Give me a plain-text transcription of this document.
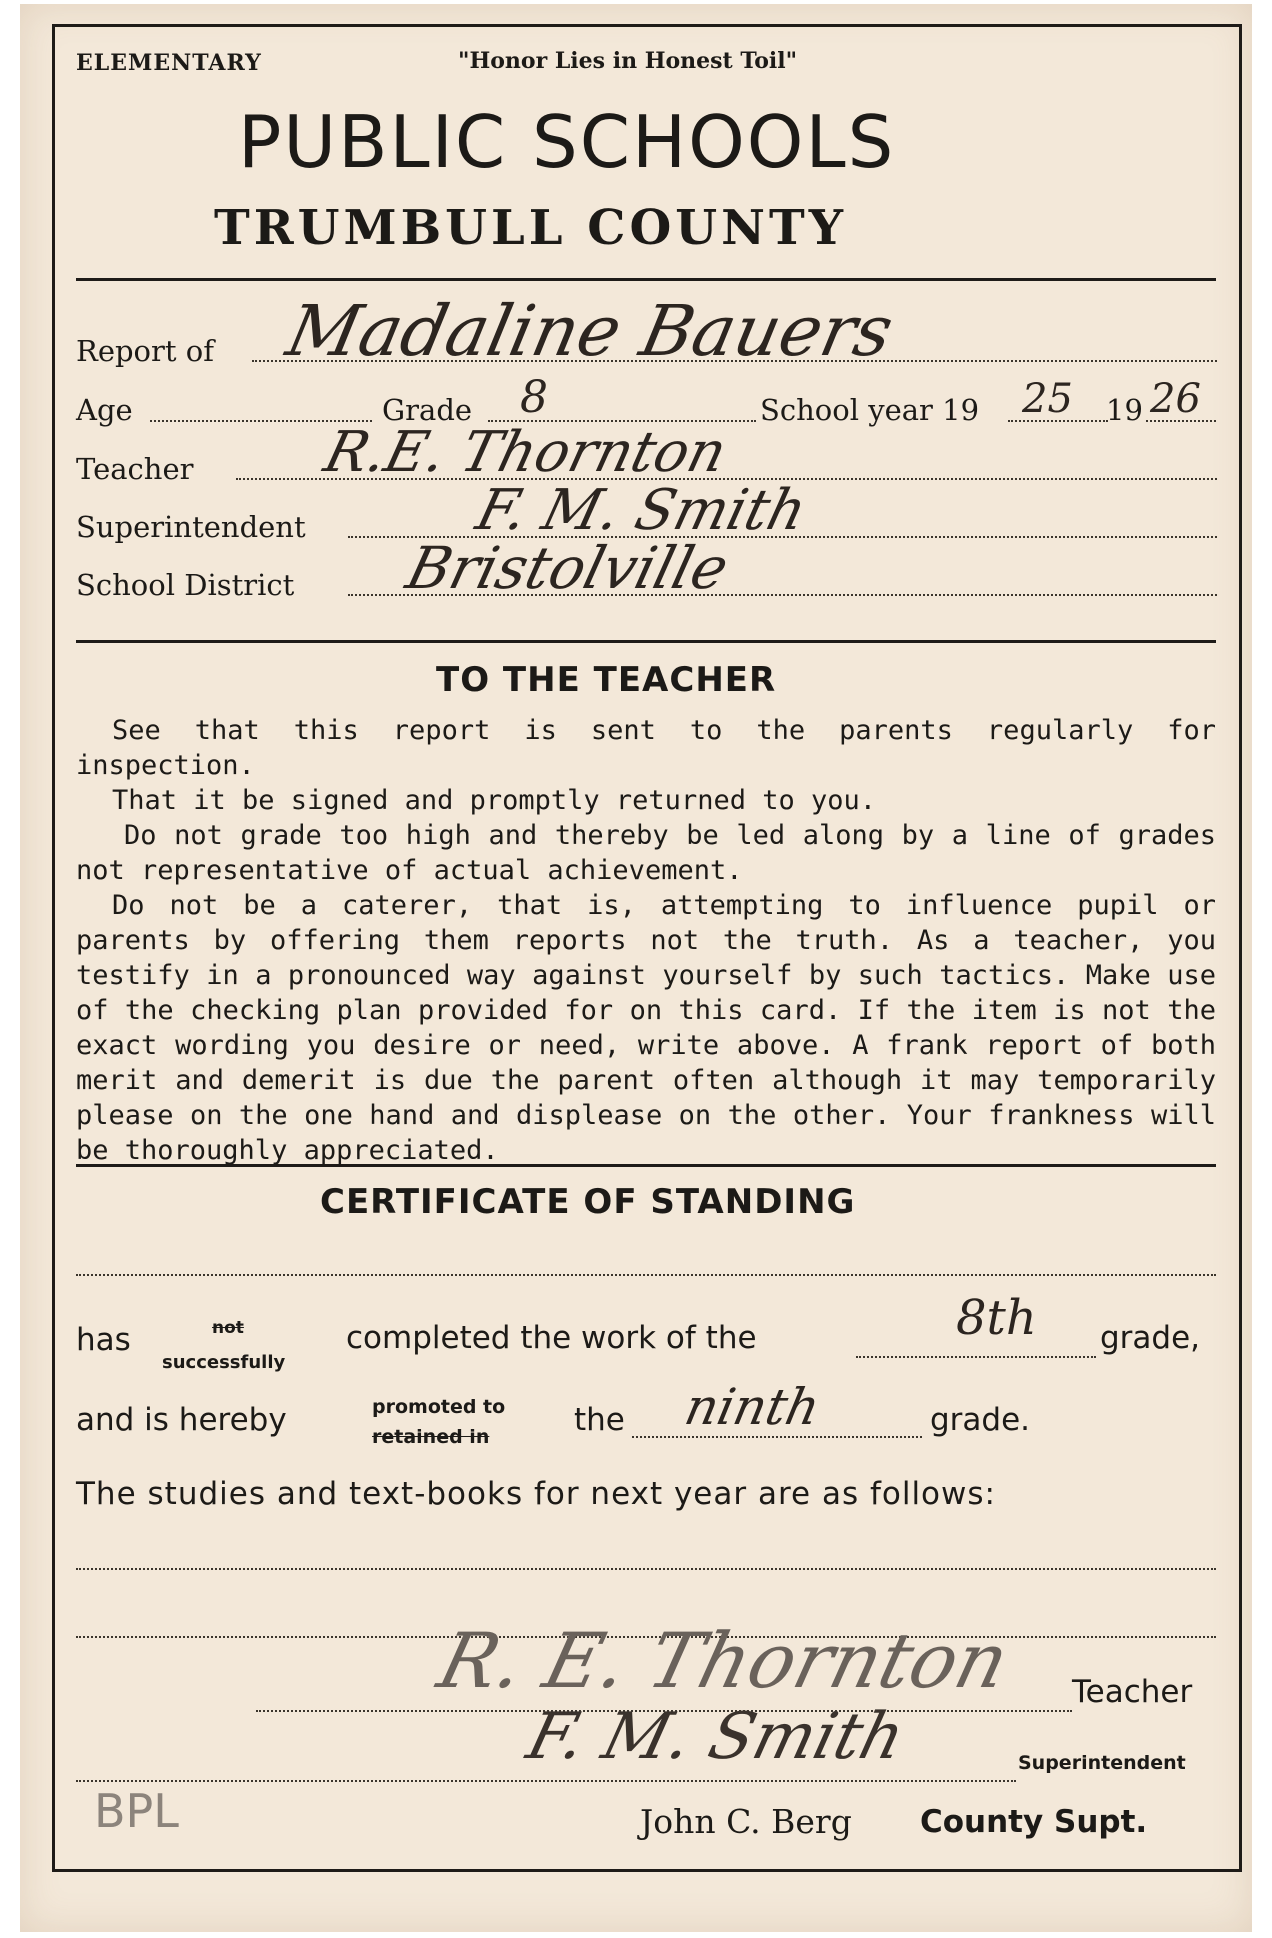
ELEMENTARY	"Honor Lies in Honest Toil"
PUBLIC SCHOOLS
TRUMBULL COUNTY
Report of Madaline Bauers
Age	Grade 8	School year 19 25 19 26
Teacher R.E. Thornton
Superintendent	F. M. Smith
School District Bristolville
TO THE TEACHER
See that this report is sent to the parents regularly for inspection.
That it be signed and promptly returned to you.
Do not grade too high and thereby be led along by a line of grades not representative of actual achievement.
Do not be a caterer, that is, attempting to influence pupil or parents by offering them reports not the truth. As a teacher, you testify in a pronounced way against yourself by such tactics. Make use of the checking plan provided for on this card. If the item is not the exact wording you desire or need, write above. A frank report of both merit and demerit is due the parent often although it may temporarily please on the one hand and displease on the other. Your frankness will be thoroughly appreciated.
CERTIFICATE OF STANDING
has	not
successfully
completed the work of the	8th grade,
and is hereby	promoted to
retained in	the ninth	grade.
The studies and text-books for next year are as follows:
R. E. Thornton Teacher
F. M. Smith	Superintendent
John C. Berg County Supt.
BPL
